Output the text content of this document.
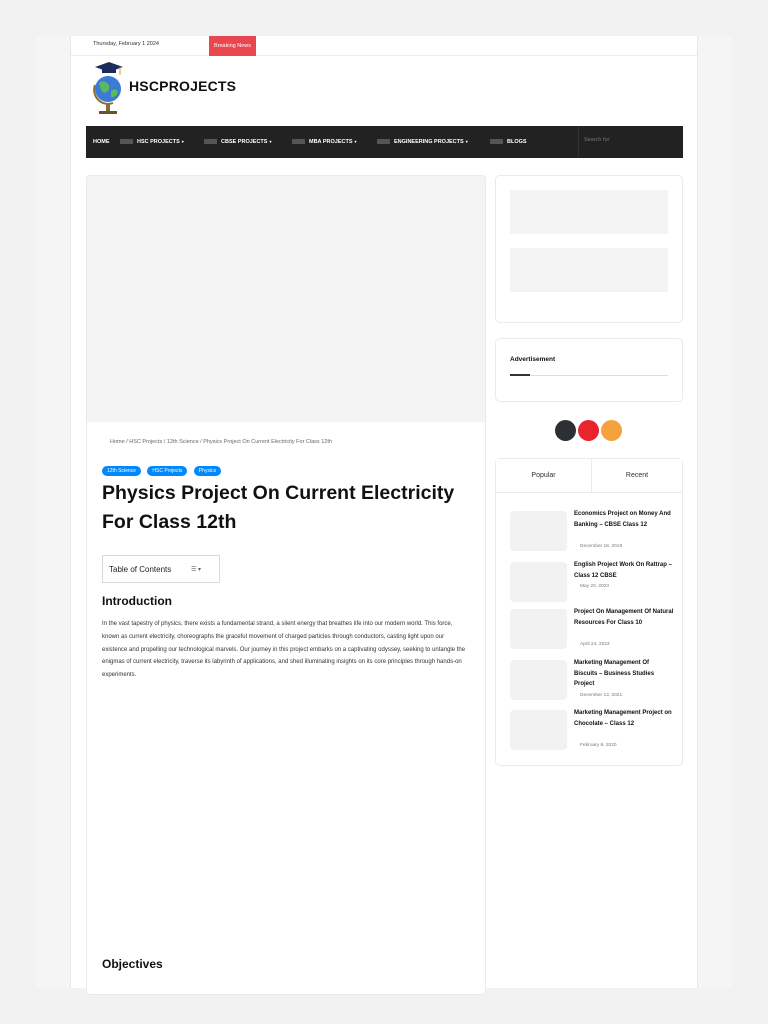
Thursday, February 1 2024	Breaking News
HSCPROJECTS
HOME	HSC PROJECTS ▾	CBSE PROJECTS ▾	MBA PROJECTS ▾	ENGINEERING PROJECTS ▾	BLOGS
Search for
Home / HSC Projects / 12th Science / Physics Project On Current Electricity For Class 12th
12th Science	HSC Projects	Physics
Physics Project On Current Electricity For Class 12th
Table of Contents	☰ ▾
Introduction

In the vast tapestry of physics, there exists a fundamental strand, a silent energy that breathes life into our modern world. This force, known as current electricity, choreographs the graceful movement of charged particles through conductors, casting light upon our existence and propelling our technological marvels. Our journey in this project embarks on a captivating odyssey, seeking to untangle the enigmas of current electricity, traverse its labyrinth of applications, and shed illuminating insights on its core principles through hands-on experiments.

Objectives
Advertisement
Popular	Recent
Economics Project on Money And Banking – CBSE Class 12
December 18, 2019
English Project Work On Rattrap – Class 12 CBSE
May 20, 2023
Project On Management Of Natural Resources For Class 10
April 24, 2023
Marketing Management Of Biscuits – Business Studies Project
December 13, 2021
Marketing Management Project on Chocolate – Class 12
February 8, 2020
